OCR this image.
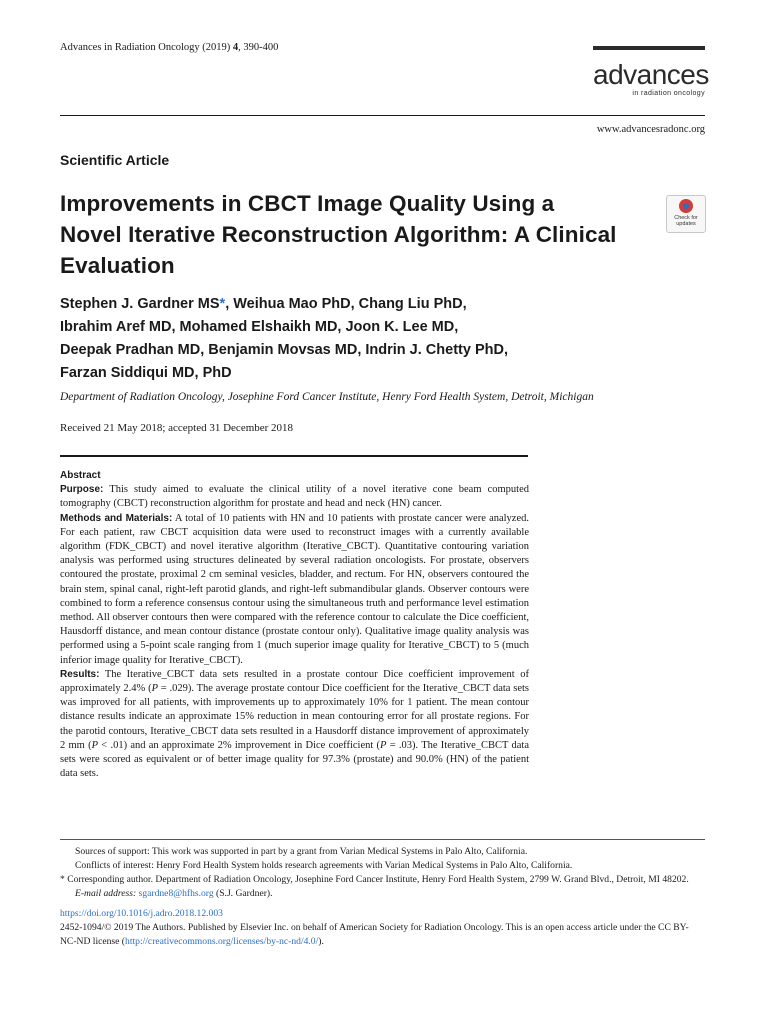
Advances in Radiation Oncology (2019) 4, 390-400
advances
in radiation oncology
www.advancesradonc.org
Scientific Article
Improvements in CBCT Image Quality Using a Novel Iterative Reconstruction Algorithm: A Clinical Evaluation
Check for updates
Stephen J. Gardner MS*, Weihua Mao PhD, Chang Liu PhD,
Ibrahim Aref MD, Mohamed Elshaikh MD, Joon K. Lee MD,
Deepak Pradhan MD, Benjamin Movsas MD, Indrin J. Chetty PhD,
Farzan Siddiqui MD, PhD
Department of Radiation Oncology, Josephine Ford Cancer Institute, Henry Ford Health System, Detroit, Michigan
Received 21 May 2018; accepted 31 December 2018

Abstract

Purpose: This study aimed to evaluate the clinical utility of a novel iterative cone beam computed tomography (CBCT) reconstruction algorithm for prostate and head and neck (HN) cancer.

Methods and Materials: A total of 10 patients with HN and 10 patients with prostate cancer were analyzed. For each patient, raw CBCT acquisition data were used to reconstruct images with a currently available algorithm (FDK_CBCT) and novel iterative algorithm (Iterative_CBCT). Quantitative contouring variation analysis was performed using structures delineated by several radiation oncologists. For prostate, observers contoured the prostate, proximal 2 cm seminal vesicles, bladder, and rectum. For HN, observers contoured the brain stem, spinal canal, right-left parotid glands, and right-left submandibular glands. Observer contours were combined to form a reference consensus contour using the simultaneous truth and performance level estimation method. All observer contours then were compared with the reference contour to calculate the Dice coefficient, Hausdorff distance, and mean contour distance (prostate contour only). Qualitative image quality analysis was performed using a 5-point scale ranging from 1 (much superior image quality for Iterative_CBCT) to 5 (much inferior image quality for Iterative_CBCT).

Results: The Iterative_CBCT data sets resulted in a prostate contour Dice coefficient improvement of approximately 2.4% (P = .029). The average prostate contour Dice coefficient for the Iterative_CBCT data sets was improved for all patients, with improvements up to approximately 10% for 1 patient. The mean contour distance results indicate an approximate 15% reduction in mean contouring error for all prostate regions. For the parotid contours, Iterative_CBCT data sets resulted in a Hausdorff distance improvement of approximately 2 mm (P < .01) and an approximate 2% improvement in Dice coefficient (P = .03). The Iterative_CBCT data sets were scored as equivalent or of better image quality for 97.3% (prostate) and 90.0% (HN) of the patient data sets.

Sources of support: This work was supported in part by a grant from Varian Medical Systems in Palo Alto, California.

Conflicts of interest: Henry Ford Health System holds research agreements with Varian Medical Systems in Palo Alto, California.

* Corresponding author. Department of Radiation Oncology, Josephine Ford Cancer Institute, Henry Ford Health System, 2799 W. Grand Blvd., Detroit, MI 48202.

E-mail address: sgardne8@hfhs.org (S.J. Gardner).

https://doi.org/10.1016/j.adro.2018.12.003

2452-1094/© 2019 The Authors. Published by Elsevier Inc. on behalf of American Society for Radiation Oncology. This is an open access article under the CC BY-NC-ND license (http://creativecommons.org/licenses/by-nc-nd/4.0/).
